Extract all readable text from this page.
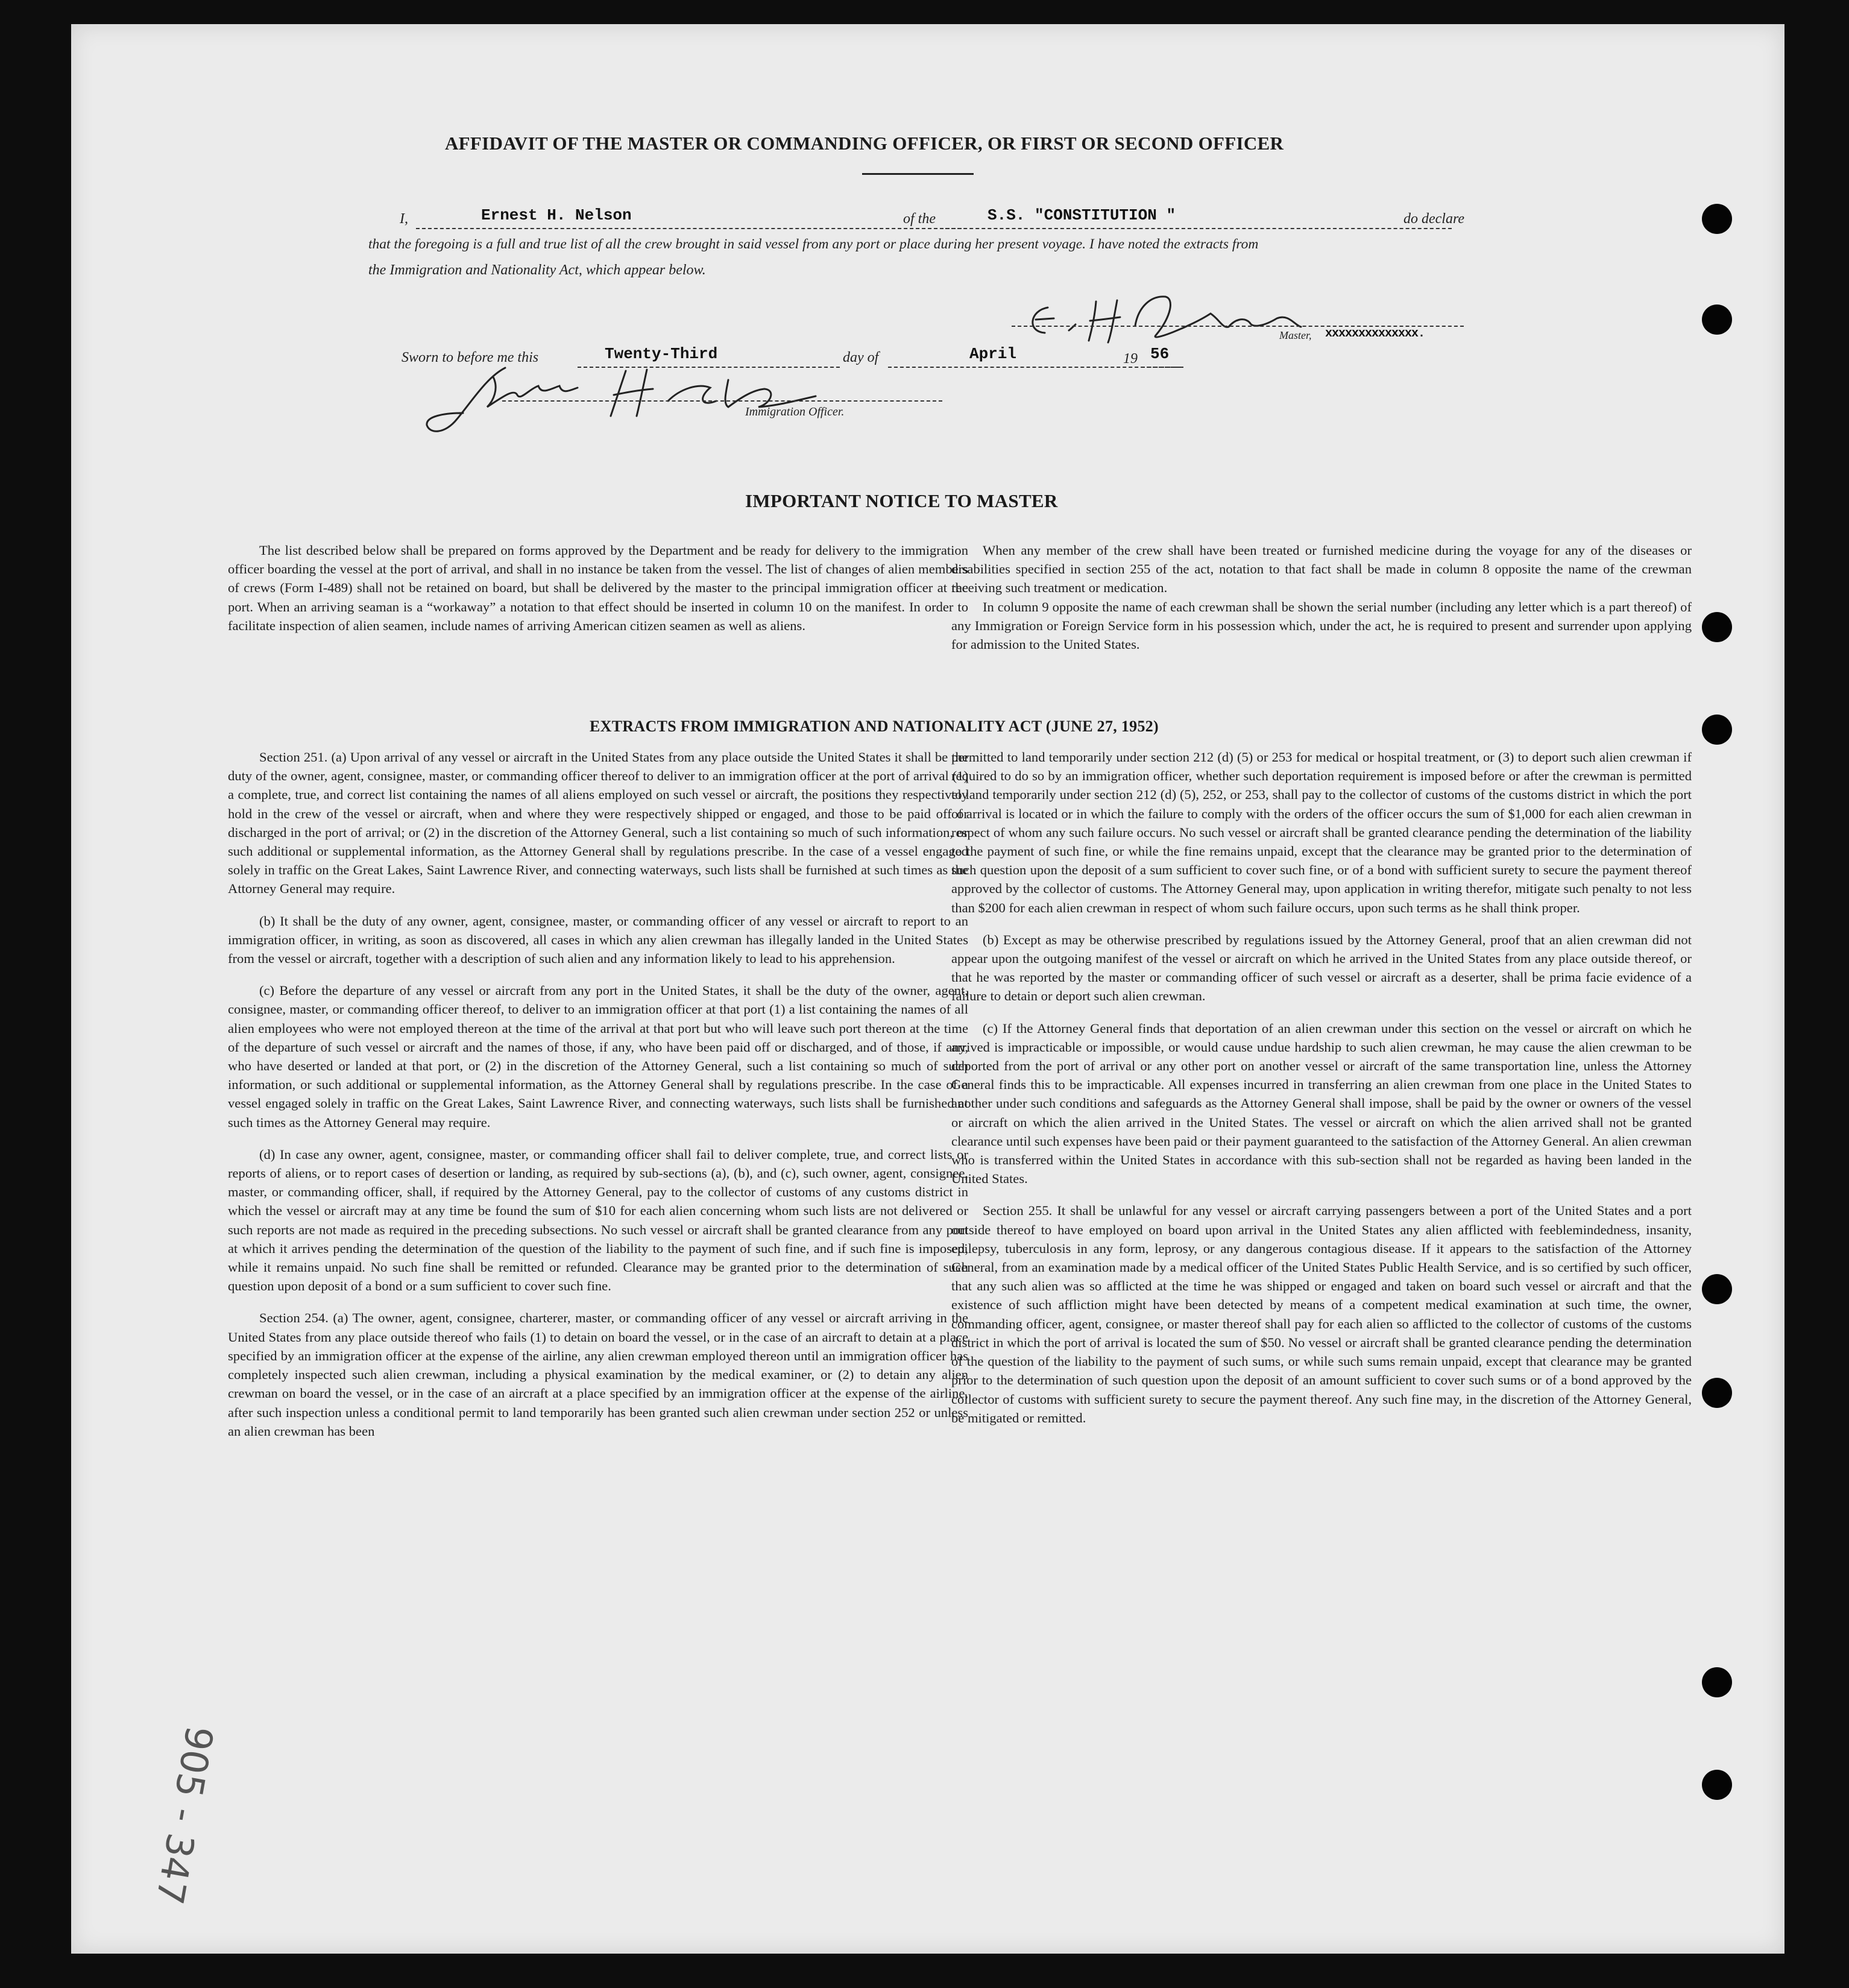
AFFIDAVIT OF THE MASTER OR COMMANDING OFFICER, OR FIRST OR SECOND OFFICER
I,	Ernest H. Nelson	of the	S.S. "CONSTITUTION "	do declare
that the foregoing is a full and true list of all the crew brought in said vessel from any port or place during her present voyage. I have noted the extracts from
the Immigration and Nationality Act, which appear below.
Master, xxxxxxxxxxxxxx.
Sworn to before me this	Twenty-Third	day of	April	19 56
Immigration Officer.
IMPORTANT NOTICE TO MASTER

The list described below shall be prepared on forms approved by the Department and be ready for delivery to the immigration officer boarding the vessel at the port of arrival, and shall in no instance be taken from the vessel. The list of changes of alien members of crews (Form I-489) shall not be retained on board, but shall be delivered by the master to the principal immigration officer at the port. When an arriving seaman is a “workaway” a notation to that effect should be inserted in column 10 on the manifest. In order to facilitate inspection of alien seamen, include names of arriving American citizen seamen as well as aliens.

When any member of the crew shall have been treated or furnished medicine during the voyage for any of the diseases or disabilities specified in section 255 of the act, notation to that fact shall be made in column 8 opposite the name of the crewman receiving such treatment or medication.

In column 9 opposite the name of each crewman shall be shown the serial number (including any letter which is a part thereof) of any Immigration or Foreign Service form in his possession which, under the act, he is required to present and surrender upon applying for admission to the United States.

EXTRACTS FROM IMMIGRATION AND NATIONALITY ACT (JUNE 27, 1952)

Section 251. (a) Upon arrival of any vessel or aircraft in the United States from any place outside the United States it shall be the duty of the owner, agent, consignee, master, or commanding officer thereof to deliver to an immigration officer at the port of arrival (1) a complete, true, and correct list containing the names of all aliens employed on such vessel or aircraft, the positions they respectively hold in the crew of the vessel or aircraft, when and where they were respectively shipped or engaged, and those to be paid off or discharged in the port of arrival; or (2) in the discretion of the Attorney General, such a list containing so much of such information, or such additional or supplemental information, as the Attorney General shall by regulations prescribe. In the case of a vessel engaged solely in traffic on the Great Lakes, Saint Lawrence River, and connecting waterways, such lists shall be furnished at such times as the Attorney General may require.

(b) It shall be the duty of any owner, agent, consignee, master, or commanding officer of any vessel or aircraft to report to an immigration officer, in writing, as soon as discovered, all cases in which any alien crewman has illegally landed in the United States from the vessel or aircraft, together with a description of such alien and any information likely to lead to his apprehension.

(c) Before the departure of any vessel or aircraft from any port in the United States, it shall be the duty of the owner, agent, consignee, master, or commanding officer thereof, to deliver to an immigration officer at that port (1) a list containing the names of all alien employees who were not employed thereon at the time of the arrival at that port but who will leave such port thereon at the time of the departure of such vessel or aircraft and the names of those, if any, who have been paid off or discharged, and of those, if any, who have deserted or landed at that port, or (2) in the discretion of the Attorney General, such a list containing so much of such information, or such additional or supplemental information, as the Attorney General shall by regulations prescribe. In the case of a vessel engaged solely in traffic on the Great Lakes, Saint Lawrence River, and connecting waterways, such lists shall be furnished at such times as the Attorney General may require.

(d) In case any owner, agent, consignee, master, or commanding officer shall fail to deliver complete, true, and correct lists or reports of aliens, or to report cases of desertion or landing, as required by sub-sections (a), (b), and (c), such owner, agent, consignee, master, or commanding officer, shall, if required by the Attorney General, pay to the collector of customs of any customs district in which the vessel or aircraft may at any time be found the sum of $10 for each alien concerning whom such lists are not delivered or such reports are not made as required in the preceding subsections. No such vessel or aircraft shall be granted clearance from any port at which it arrives pending the determination of the question of the liability to the payment of such fine, and if such fine is imposed, while it remains unpaid. No such fine shall be remitted or refunded. Clearance may be granted prior to the determination of such question upon deposit of a bond or a sum sufficient to cover such fine.

Section 254. (a) The owner, agent, consignee, charterer, master, or commanding officer of any vessel or aircraft arriving in the United States from any place outside thereof who fails (1) to detain on board the vessel, or in the case of an aircraft to detain at a place specified by an immigration officer at the expense of the airline, any alien crewman employed thereon until an immigration officer has completely inspected such alien crewman, including a physical examination by the medical examiner, or (2) to detain any alien crewman on board the vessel, or in the case of an aircraft at a place specified by an immigration officer at the expense of the airline, after such inspection unless a conditional permit to land temporarily has been granted such alien crewman under section 252 or unless an alien crewman has been

permitted to land temporarily under section 212 (d) (5) or 253 for medical or hospital treatment, or (3) to deport such alien crewman if required to do so by an immigration officer, whether such deportation requirement is imposed before or after the crewman is permitted to land temporarily under section 212 (d) (5), 252, or 253, shall pay to the collector of customs of the customs district in which the port of arrival is located or in which the failure to comply with the orders of the officer occurs the sum of $1,000 for each alien crewman in respect of whom any such failure occurs. No such vessel or aircraft shall be granted clearance pending the determination of the liability to the payment of such fine, or while the fine remains unpaid, except that the clearance may be granted prior to the determination of such question upon the deposit of a sum sufficient to cover such fine, or of a bond with sufficient surety to secure the payment thereof approved by the collector of customs. The Attorney General may, upon application in writing therefor, mitigate such penalty to not less than $200 for each alien crewman in respect of whom such failure occurs, upon such terms as he shall think proper.

(b) Except as may be otherwise prescribed by regulations issued by the Attorney General, proof that an alien crewman did not appear upon the outgoing manifest of the vessel or aircraft on which he arrived in the United States from any place outside thereof, or that he was reported by the master or commanding officer of such vessel or aircraft as a deserter, shall be prima facie evidence of a failure to detain or deport such alien crewman.

(c) If the Attorney General finds that deportation of an alien crewman under this section on the vessel or aircraft on which he arrived is impracticable or impossible, or would cause undue hardship to such alien crewman, he may cause the alien crewman to be deported from the port of arrival or any other port on another vessel or aircraft of the same transportation line, unless the Attorney General finds this to be impracticable. All expenses incurred in transferring an alien crewman from one place in the United States to another under such conditions and safeguards as the Attorney General shall impose, shall be paid by the owner or owners of the vessel or aircraft on which the alien arrived in the United States. The vessel or aircraft on which the alien arrived shall not be granted clearance until such expenses have been paid or their payment guaranteed to the satisfaction of the Attorney General. An alien crewman who is transferred within the United States in accordance with this sub-section shall not be regarded as having been landed in the United States.

Section 255. It shall be unlawful for any vessel or aircraft carrying passengers between a port of the United States and a port outside thereof to have employed on board upon arrival in the United States any alien afflicted with feeblemindedness, insanity, epilepsy, tuberculosis in any form, leprosy, or any dangerous contagious disease. If it appears to the satisfaction of the Attorney General, from an examination made by a medical officer of the United States Public Health Service, and is so certified by such officer, that any such alien was so afflicted at the time he was shipped or engaged and taken on board such vessel or aircraft and that the existence of such affliction might have been detected by means of a competent medical examination at such time, the owner, commanding officer, agent, consignee, or master thereof shall pay for each alien so afflicted to the collector of customs of the customs district in which the port of arrival is located the sum of $50. No vessel or aircraft shall be granted clearance pending the determination of the question of the liability to the payment of such sums, or while such sums remain unpaid, except that clearance may be granted prior to the determination of such question upon the deposit of an amount sufficient to cover such sums or of a bond approved by the collector of customs with sufficient surety to secure the payment thereof. Any such fine may, in the discretion of the Attorney General, be mitigated or remitted.

905 - 347
